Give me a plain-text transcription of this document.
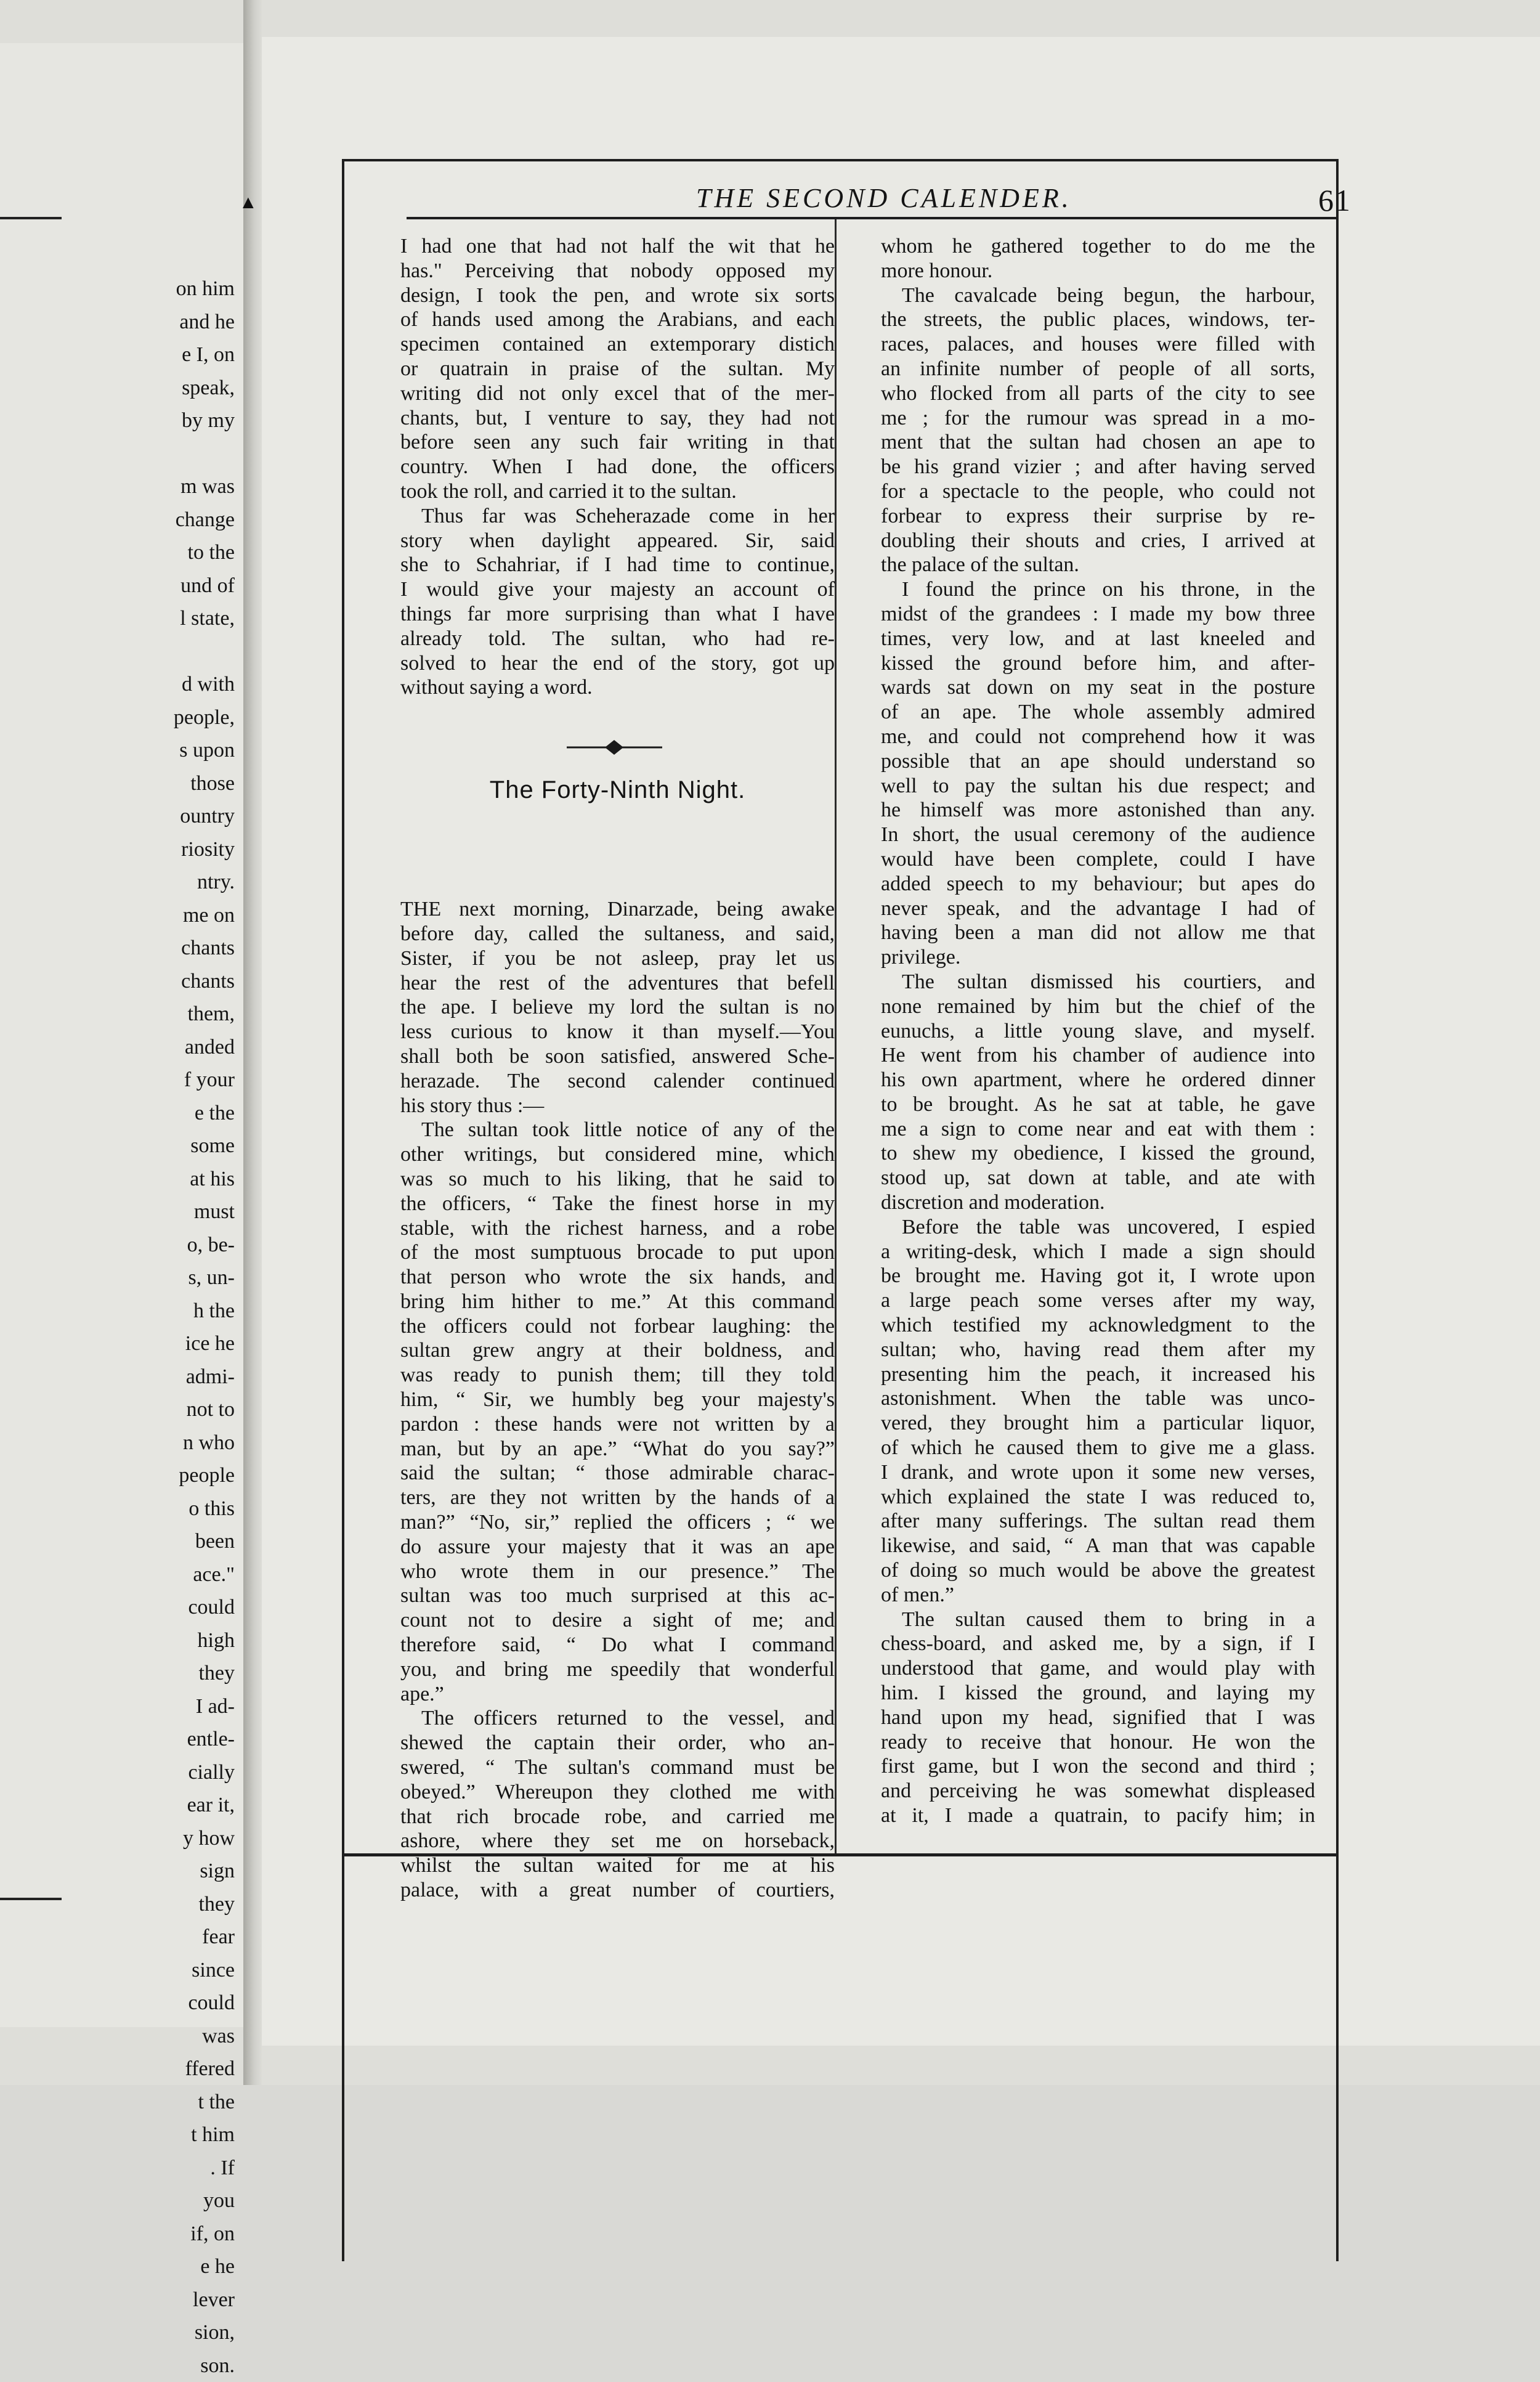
on him
and he
e I, on
speak,
by my
m was
change
to the
und of
l state,
d with
people,
s upon
those
ountry
riosity
ntry.
me on
chants
chants
them,
anded
f your
e the
some
at his
must
o, be-
s, un-
h the
ice he
admi-
not to
n who
people
o this
been
ace."
could
high
they
I ad-
entle-
cially
ear it,
y how
sign
they
fear
since
could
was
ffered
t the
t him
. If
you
if, on
e he
lever
sion,
son.
▲	THE SECOND CALENDER.	61
I had one that had not half the wit that he
has." Perceiving that nobody opposed my
design, I took the pen, and wrote six sorts
of hands used among the Arabians, and each
specimen contained an extemporary distich
or quatrain in praise of the sultan. My
writing did not only excel that of the mer-
chants, but, I venture to say, they had not
before seen any such fair writing in that
country. When I had done, the officers
took the roll, and carried it to the sultan.
Thus far was Scheherazade come in her
story when daylight appeared. Sir, said
she to Schahriar, if I had time to continue,
I would give your majesty an account of
things far more surprising than what I have
already told. The sultan, who had re-
solved to hear the end of the story, got up
without saying a word.
THE next morning, Dinarzade, being awake
before day, called the sultaness, and said,
Sister, if you be not asleep, pray let us
hear the rest of the adventures that befell
the ape. I believe my lord the sultan is no
less curious to know it than myself.—You
shall both be soon satisfied, answered Sche-
herazade. The second calender continued
his story thus :—
The sultan took little notice of any of the
other writings, but considered mine, which
was so much to his liking, that he said to
the officers, “ Take the finest horse in my
stable, with the richest harness, and a robe
of the most sumptuous brocade to put upon
that person who wrote the six hands, and
bring him hither to me.” At this command
the officers could not forbear laughing: the
sultan grew angry at their boldness, and
was ready to punish them; till they told
him, “ Sir, we humbly beg your majesty's
pardon : these hands were not written by a
man, but by an ape.” “What do you say?”
said the sultan; “ those admirable charac-
ters, are they not written by the hands of a
man?” “No, sir,” replied the officers ; “ we
do assure your majesty that it was an ape
who wrote them in our presence.” The
sultan was too much surprised at this ac-
count not to desire a sight of me; and
therefore said, “ Do what I command
you, and bring me speedily that wonderful
ape.”
The officers returned to the vessel, and
shewed the captain their order, who an-
swered, “ The sultan's command must be
obeyed.” Whereupon they clothed me with
that rich brocade robe, and carried me
ashore, where they set me on horseback,
whilst the sultan waited for me at his
palace, with a great number of courtiers,
The Forty-Ninth Night.
whom he gathered together to do me the
more honour.
The cavalcade being begun, the harbour,
the streets, the public places, windows, ter-
races, palaces, and houses were filled with
an infinite number of people of all sorts,
who flocked from all parts of the city to see
me ; for the rumour was spread in a mo-
ment that the sultan had chosen an ape to
be his grand vizier ; and after having served
for a spectacle to the people, who could not
forbear to express their surprise by re-
doubling their shouts and cries, I arrived at
the palace of the sultan.
I found the prince on his throne, in the
midst of the grandees : I made my bow three
times, very low, and at last kneeled and
kissed the ground before him, and after-
wards sat down on my seat in the posture
of an ape. The whole assembly admired
me, and could not comprehend how it was
possible that an ape should understand so
well to pay the sultan his due respect; and
he himself was more astonished than any.
In short, the usual ceremony of the audience
would have been complete, could I have
added speech to my behaviour; but apes do
never speak, and the advantage I had of
having been a man did not allow me that
privilege.
The sultan dismissed his courtiers, and
none remained by him but the chief of the
eunuchs, a little young slave, and myself.
He went from his chamber of audience into
his own apartment, where he ordered dinner
to be brought. As he sat at table, he gave
me a sign to come near and eat with them :
to shew my obedience, I kissed the ground,
stood up, sat down at table, and ate with
discretion and moderation.
Before the table was uncovered, I espied
a writing-desk, which I made a sign should
be brought me. Having got it, I wrote upon
a large peach some verses after my way,
which testified my acknowledgment to the
sultan; who, having read them after my
presenting him the peach, it increased his
astonishment. When the table was unco-
vered, they brought him a particular liquor,
of which he caused them to give me a glass.
I drank, and wrote upon it some new verses,
which explained the state I was reduced to,
after many sufferings. The sultan read them
likewise, and said, “ A man that was capable
of doing so much would be above the greatest
of men.”
The sultan caused them to bring in a
chess-board, and asked me, by a sign, if I
understood that game, and would play with
him. I kissed the ground, and laying my
hand upon my head, signified that I was
ready to receive that honour. He won the
first game, but I won the second and third ;
and perceiving he was somewhat displeased
at it, I made a quatrain, to pacify him; in
